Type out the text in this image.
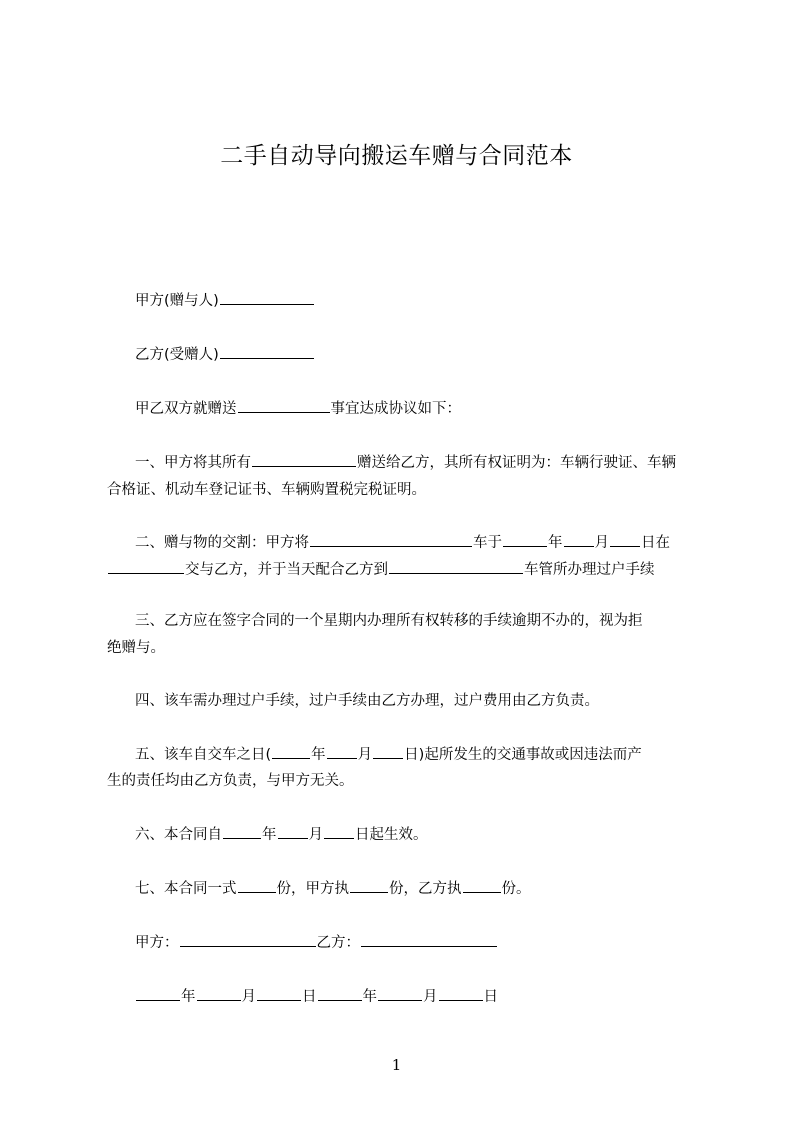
二手自动导向搬运车赠与合同范本
甲方(赠与人)
乙方(受赠人)
甲乙双方就赠送	事宜达成协议如下：
一、甲方将其所有	赠送给乙方，其所有权证明为：车辆行驶证、车辆
合格证、机动车登记证书、车辆购置税完税证明。
二、赠与物的交割：甲方将	车于	年 月 日在
交与乙方，并于当天配合乙方到	车管所办理过户手续
三、乙方应在签字合同的一个星期内办理所有权转移的手续逾期不办的，视为拒
绝赠与。
四、该车需办理过户手续，过户手续由乙方办理，过户费用由乙方负责。
五、该车自交车之日(	年 月 日)起所发生的交通事故或因违法而产
生的责任均由乙方负责，与甲方无关。
六、本合同自	年 月 日起生效。
七、本合同一式	份，甲方执	份，乙方执	份。
甲方：	乙方：
年	月	日	年	月	日
1
